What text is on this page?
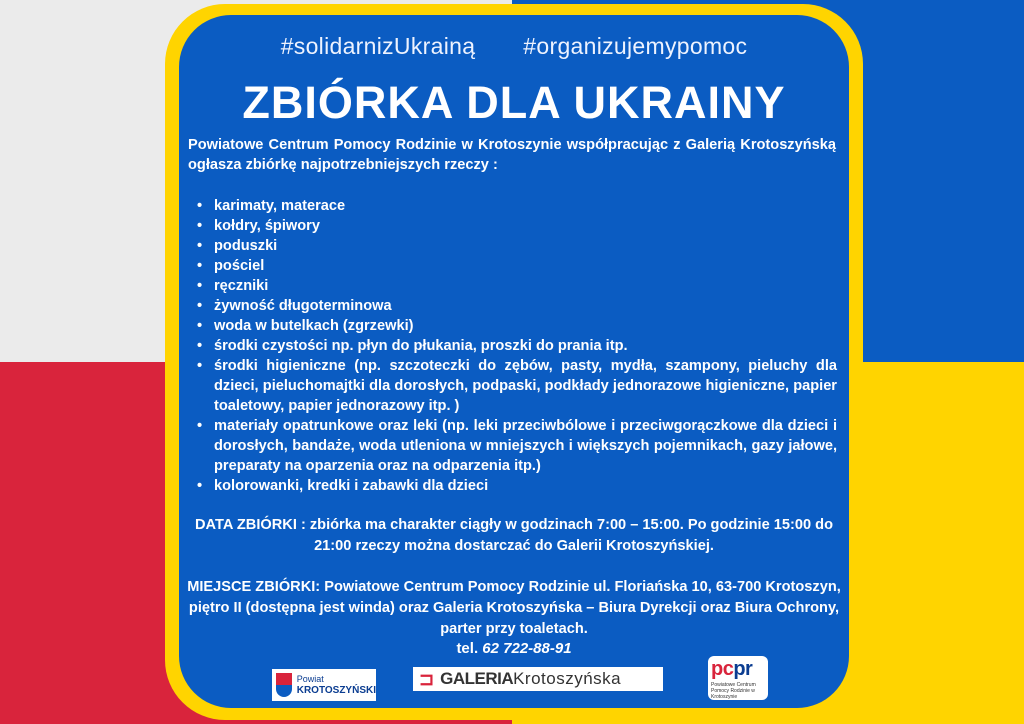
#solidarnizUkrainą #organizujemypomoc
ZBIÓRKA DLA UKRAINY
Powiatowe Centrum Pomocy Rodzinie w Krotoszynie współpracując z Galerią Krotoszyńską ogłasza zbiórkę najpotrzebniejszych rzeczy :
• karimaty, materace
• kołdry, śpiwory
• poduszki
• pościel
• ręczniki
• żywność długoterminowa
• woda w butelkach (zgrzewki)
• środki czystości np. płyn do płukania, proszki do prania itp.
• środki higieniczne (np. szczoteczki do zębów, pasty, mydła, szampony, pieluchy dla dzieci, pieluchomajtki dla dorosłych, podpaski, podkłady jednorazowe higieniczne, papier toaletowy, papier jednorazowy itp. )
• materiały opatrunkowe oraz leki (np. leki przeciwbólowe i przeciwgorączkowe dla dzieci i dorosłych, bandaże, woda utleniona w mniejszych i większych pojemnikach, gazy jałowe, preparaty na oparzenia oraz na odparzenia itp.)
• kolorowanki, kredki i zabawki dla dzieci
DATA ZBIÓRKI : zbiórka ma charakter ciągły w godzinach 7:00 – 15:00. Po godzinie 15:00 do 21:00 rzeczy można dostarczać do Galerii Krotoszyńskiej.
MIEJSCE ZBIÓRKI: Powiatowe Centrum Pomocy Rodzinie ul. Floriańska 10, 63-700 Krotoszyn, piętro II (dostępna jest winda) oraz Galeria Krotoszyńska – Biura Dyrekcji oraz Biura Ochrony, parter przy toaletach.
tel. 62 722-88-91
Powiat
KROTOSZYŃSKI
⊐ GALERIA Krotoszyńska	pcpr
Powiatowe Centrum Pomocy Rodzinie w Krotoszynie
